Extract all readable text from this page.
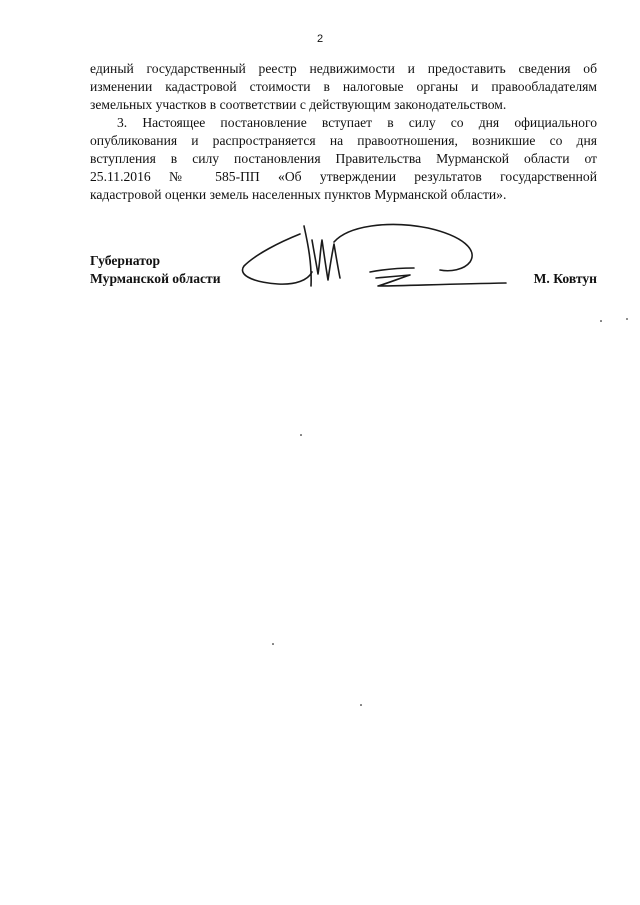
2
единый государственный реестр недвижимости и предоставить сведения об
изменении кадастровой стоимости в налоговые органы и правообладателям
земельных участков в соответствии с действующим законодательством.
3. Настоящее постановление вступает в силу со дня официального
опубликования и распространяется на правоотношения, возникшие со дня
вступления в силу постановления Правительства Мурманской области от
25.11.2016 № 585-ПП «Об утверждении результатов государственной
кадастровой оценки земель населенных пунктов Мурманской области».
Губернатор
Мурманской области	М. Ковтун
